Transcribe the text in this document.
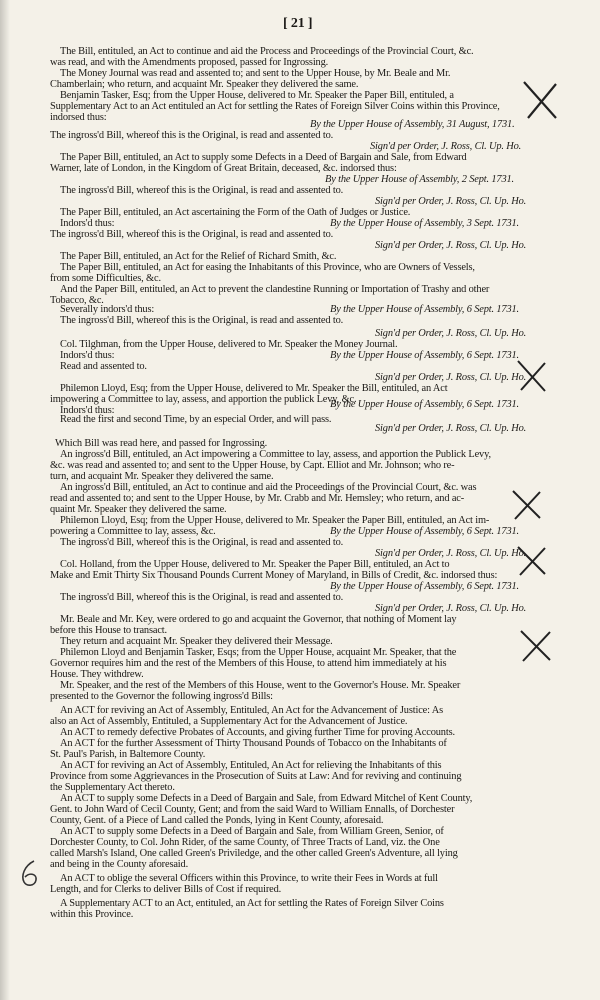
[ 21 ]
The Bill, entituled, an Act to continue and aid the Process and Proceedings of the Provincial Court, &c.
was read, and with the Amendments proposed, passed for Ingrossing.
The Money Journal was read and assented to; and sent to the Upper House, by Mr. Beale and Mr.
Chamberlain; who return, and acquaint Mr. Speaker they delivered the same.
Benjamin Tasker, Esq; from the Upper House, delivered to Mr. Speaker the Paper Bill, entituled, a
Supplementary Act to an Act entituled an Act for settling the Rates of Foreign Silver Coins within this Province,
indorsed thus:
By the Upper House of Assembly, 31 August, 1731.
The ingross'd Bill, whereof this is the Original, is read and assented to.
Sign'd per Order, J. Ross, Cl. Up. Ho.
The Paper Bill, entituled, an Act to supply some Defects in a Deed of Bargain and Sale, from Edward
Warner, late of London, in the Kingdom of Great Britain, deceased, &c. indorsed thus:
By the Upper House of Assembly, 2 Sept. 1731.
The ingross'd Bill, whereof this is the Original, is read and assented to.
Sign'd per Order, J. Ross, Cl. Up. Ho.
The Paper Bill, entituled, an Act ascertaining the Form of the Oath of Judges or Justice.
Indors'd thus:	By the Upper House of Assembly, 3 Sept. 1731.
The ingross'd Bill, whereof this is the Original, is read and assented to.
Sign'd per Order, J. Ross, Cl. Up. Ho.
The Paper Bill, entituled, an Act for the Relief of Richard Smith, &c.
The Paper Bill, entituled, an Act for easing the Inhabitants of this Province, who are Owners of Vessels,
from some Difficulties, &c.
And the Paper Bill, entituled, an Act to prevent the clandestine Running or Importation of Trashy and other
Tobacco, &c.
Severally indors'd thus:	By the Upper House of Assembly, 6 Sept. 1731.
The ingross'd Bill, whereof this is the Original, is read and assented to.
Sign'd per Order, J. Ross, Cl. Up. Ho.
Col. Tilghman, from the Upper House, delivered to Mr. Speaker the Money Journal.
Indors'd thus:	By the Upper House of Assembly, 6 Sept. 1731.
Read and assented to.
Sign'd per Order, J. Ross, Cl. Up. Ho.
Philemon Lloyd, Esq; from the Upper House, delivered to Mr. Speaker the Bill, entituled, an Act
impowering a Committee to lay, assess, and apportion the publick Levy, &c.
Indors'd thus:
By the Upper House of Assembly, 6 Sept. 1731.
Read the first and second Time, by an especial Order, and will pass.
Sign'd per Order, J. Ross, Cl. Up. Ho.
Which Bill was read here, and passed for Ingrossing.
An ingross'd Bill, entituled, an Act impowering a Committee to lay, assess, and apportion the Publick Levy,
&c. was read and assented to; and sent to the Upper House, by Capt. Elliot and Mr. Johnson; who re-
turn, and acquaint Mr. Speaker they delivered the same.
An ingross'd Bill, entituled, an Act to continue and aid the Proceedings of the Provincial Court, &c. was
read and assented to; and sent to the Upper House, by Mr. Crabb and Mr. Hemsley; who return, and ac-
quaint Mr. Speaker they delivered the same.
Philemon Lloyd, Esq; from the Upper House, delivered to Mr. Speaker the Paper Bill, entituled, an Act im-
powering a Committee to lay, assess, &c.	By the Upper House of Assembly, 6 Sept. 1731.
The ingross'd Bill, whereof this is the Original, is read and assented to.
Sign'd per Order, J. Ross, Cl. Up. Ho.
Col. Holland, from the Upper House, delivered to Mr. Speaker the Paper Bill, entituled, an Act to
Make and Emit Thirty Six Thousand Pounds Current Money of Maryland, in Bills of Credit, &c. indorsed thus:
By the Upper House of Assembly, 6 Sept. 1731.
The ingross'd Bill, whereof this is the Original, is read and assented to.
Sign'd per Order, J. Ross, Cl. Up. Ho.
Mr. Beale and Mr. Key, were ordered to go and acquaint the Governor, that nothing of Moment lay
before this House to transact.
They return and acquaint Mr. Speaker they delivered their Message.
Philemon Lloyd and Benjamin Tasker, Esqs; from the Upper House, acquaint Mr. Speaker, that the
Governor requires him and the rest of the Members of this House, to attend him immediately at his
House. They withdrew.
Mr. Speaker, and the rest of the Members of this House, went to the Governor's House. Mr. Speaker
presented to the Governor the following ingross'd Bills:
An ACT for reviving an Act of Assembly, Entituled, An Act for the Advancement of Justice: As
also an Act of Assembly, Entituled, a Supplementary Act for the Advancement of Justice.
An ACT to remedy defective Probates of Accounts, and giving further Time for proving Accounts.
An ACT for the further Assessment of Thirty Thousand Pounds of Tobacco on the Inhabitants of
St. Paul's Parish, in Baltemore County.
An ACT for reviving an Act of Assembly, Entituled, An Act for relieving the Inhabitants of this
Province from some Aggrievances in the Prosecution of Suits at Law: And for reviving and continuing
the Supplementary Act thereto.
An ACT to supply some Defects in a Deed of Bargain and Sale, from Edward Mitchel of Kent County,
Gent. to John Ward of Cecil County, Gent; and from the said Ward to William Ennalls, of Dorchester
County, Gent. of a Piece of Land called the Ponds, lying in Kent County, aforesaid.
An ACT to supply some Defects in a Deed of Bargain and Sale, from William Green, Senior, of
Dorchester County, to Col. John Rider, of the same County, of Three Tracts of Land, viz. the One
called Marsh's Island, One called Green's Priviledge, and the other called Green's Adventure, all lying
and being in the County aforesaid.
An ACT to oblige the several Officers within this Province, to write their Fees in Words at full
Length, and for Clerks to deliver Bills of Cost if required.
A Supplementary ACT to an Act, entituled, an Act for settling the Rates of Foreign Silver Coins
within this Province.
